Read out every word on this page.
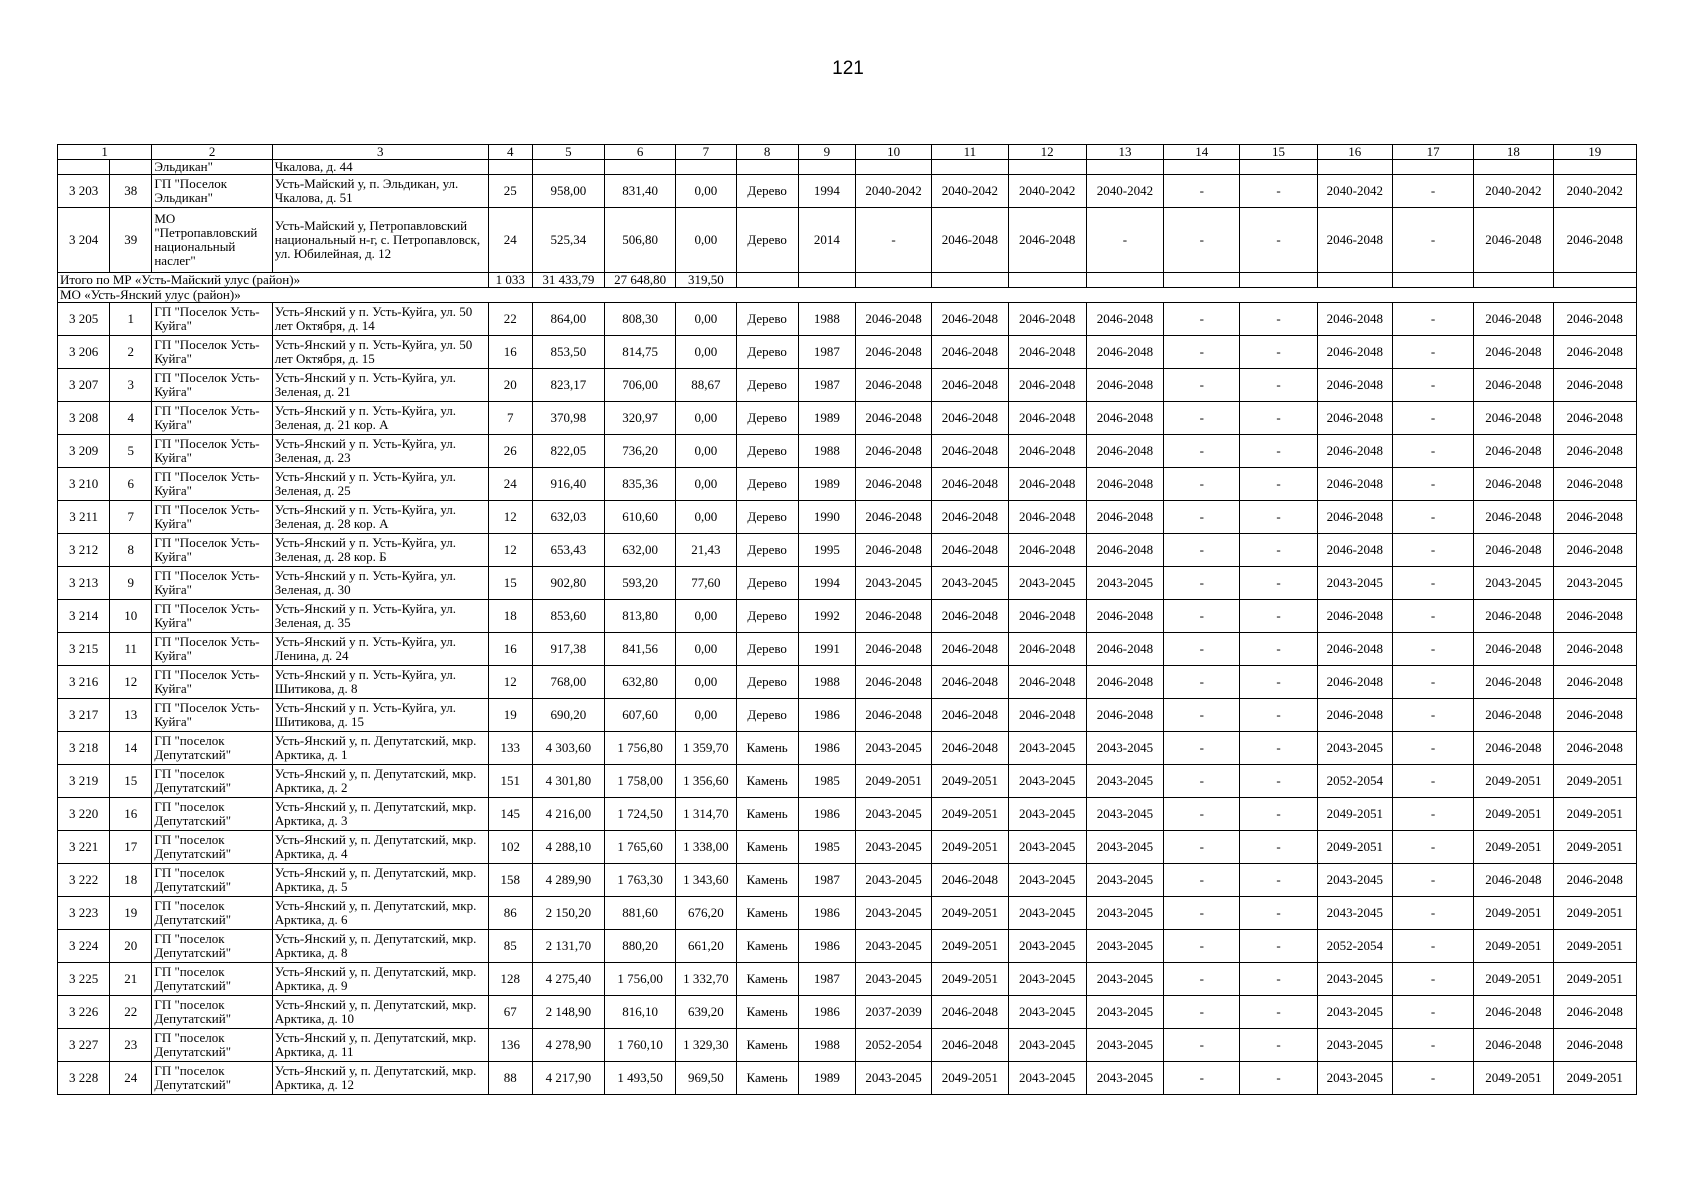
121
1		2	3	4	5	6	7	8	9	10	11	12	13	14	15	16	17	18	19
		Эльдикан"	Чкалова, д. 44																
3 203	38	ГП "Поселок Эльдикан"	Усть-Майский у, п. Эльдикан, ул. Чкалова, д. 51	25	958,00	831,40	0,00	Дерево	1994	2040-2042	2040-2042	2040-2042	2040-2042	-	-	2040-2042	-	2040-2042	2040-2042
3 204	39	МО "Петропавловский национальный наслег"	Усть-Майский у, Петропавловский национальный н-г, с. Петропавловск, ул. Юбилейная, д. 12	24	525,34	506,80	0,00	Дерево	2014	-	2046-2048	2046-2048	-	-	-	2046-2048	-	2046-2048	2046-2048
Итого по МР «Усть-Майский улус (район)»				1 033	31 433,79	27 648,80	319,50												
МО «Усть-Янский улус (район)»																			
3 205	1	ГП "Поселок Усть-Куйга"	Усть-Янский у п. Усть-Куйга, ул. 50 лет Октября, д. 14	22	864,00	808,30	0,00	Дерево	1988	2046-2048	2046-2048	2046-2048	2046-2048	-	-	2046-2048	-	2046-2048	2046-2048
3 206	2	ГП "Поселок Усть-Куйга"	Усть-Янский у п. Усть-Куйга, ул. 50 лет Октября, д. 15	16	853,50	814,75	0,00	Дерево	1987	2046-2048	2046-2048	2046-2048	2046-2048	-	-	2046-2048	-	2046-2048	2046-2048
3 207	3	ГП "Поселок Усть-Куйга"	Усть-Янский у п. Усть-Куйга, ул. Зеленая, д. 21	20	823,17	706,00	88,67	Дерево	1987	2046-2048	2046-2048	2046-2048	2046-2048	-	-	2046-2048	-	2046-2048	2046-2048
3 208	4	ГП "Поселок Усть-Куйга"	Усть-Янский у п. Усть-Куйга, ул. Зеленая, д. 21 кор. А	7	370,98	320,97	0,00	Дерево	1989	2046-2048	2046-2048	2046-2048	2046-2048	-	-	2046-2048	-	2046-2048	2046-2048
3 209	5	ГП "Поселок Усть-Куйга"	Усть-Янский у п. Усть-Куйга, ул. Зеленая, д. 23	26	822,05	736,20	0,00	Дерево	1988	2046-2048	2046-2048	2046-2048	2046-2048	-	-	2046-2048	-	2046-2048	2046-2048
3 210	6	ГП "Поселок Усть-Куйга"	Усть-Янский у п. Усть-Куйга, ул. Зеленая, д. 25	24	916,40	835,36	0,00	Дерево	1989	2046-2048	2046-2048	2046-2048	2046-2048	-	-	2046-2048	-	2046-2048	2046-2048
3 211	7	ГП "Поселок Усть-Куйга"	Усть-Янский у п. Усть-Куйга, ул. Зеленая, д. 28 кор. А	12	632,03	610,60	0,00	Дерево	1990	2046-2048	2046-2048	2046-2048	2046-2048	-	-	2046-2048	-	2046-2048	2046-2048
3 212	8	ГП "Поселок Усть-Куйга"	Усть-Янский у п. Усть-Куйга, ул. Зеленая, д. 28 кор. Б	12	653,43	632,00	21,43	Дерево	1995	2046-2048	2046-2048	2046-2048	2046-2048	-	-	2046-2048	-	2046-2048	2046-2048
3 213	9	ГП "Поселок Усть-Куйга"	Усть-Янский у п. Усть-Куйга, ул. Зеленая, д. 30	15	902,80	593,20	77,60	Дерево	1994	2043-2045	2043-2045	2043-2045	2043-2045	-	-	2043-2045	-	2043-2045	2043-2045
3 214	10	ГП "Поселок Усть-Куйга"	Усть-Янский у п. Усть-Куйга, ул. Зеленая, д. 35	18	853,60	813,80	0,00	Дерево	1992	2046-2048	2046-2048	2046-2048	2046-2048	-	-	2046-2048	-	2046-2048	2046-2048
3 215	11	ГП "Поселок Усть-Куйга"	Усть-Янский у п. Усть-Куйга, ул. Ленина, д. 24	16	917,38	841,56	0,00	Дерево	1991	2046-2048	2046-2048	2046-2048	2046-2048	-	-	2046-2048	-	2046-2048	2046-2048
3 216	12	ГП "Поселок Усть-Куйга"	Усть-Янский у п. Усть-Куйга, ул. Шитикова, д. 8	12	768,00	632,80	0,00	Дерево	1988	2046-2048	2046-2048	2046-2048	2046-2048	-	-	2046-2048	-	2046-2048	2046-2048
3 217	13	ГП "Поселок Усть-Куйга"	Усть-Янский у п. Усть-Куйга, ул. Шитикова, д. 15	19	690,20	607,60	0,00	Дерево	1986	2046-2048	2046-2048	2046-2048	2046-2048	-	-	2046-2048	-	2046-2048	2046-2048
3 218	14	ГП "поселок Депутатский"	Усть-Янский у, п. Депутатский, мкр. Арктика, д. 1	133	4 303,60	1 756,80	1 359,70	Камень	1986	2043-2045	2046-2048	2043-2045	2043-2045	-	-	2043-2045	-	2046-2048	2046-2048
3 219	15	ГП "поселок Депутатский"	Усть-Янский у, п. Депутатский, мкр. Арктика, д. 2	151	4 301,80	1 758,00	1 356,60	Камень	1985	2049-2051	2049-2051	2043-2045	2043-2045	-	-	2052-2054	-	2049-2051	2049-2051
3 220	16	ГП "поселок Депутатский"	Усть-Янский у, п. Депутатский, мкр. Арктика, д. 3	145	4 216,00	1 724,50	1 314,70	Камень	1986	2043-2045	2049-2051	2043-2045	2043-2045	-	-	2049-2051	-	2049-2051	2049-2051
3 221	17	ГП "поселок Депутатский"	Усть-Янский у, п. Депутатский, мкр. Арктика, д. 4	102	4 288,10	1 765,60	1 338,00	Камень	1985	2043-2045	2049-2051	2043-2045	2043-2045	-	-	2049-2051	-	2049-2051	2049-2051
3 222	18	ГП "поселок Депутатский"	Усть-Янский у, п. Депутатский, мкр. Арктика, д. 5	158	4 289,90	1 763,30	1 343,60	Камень	1987	2043-2045	2046-2048	2043-2045	2043-2045	-	-	2043-2045	-	2046-2048	2046-2048
3 223	19	ГП "поселок Депутатский"	Усть-Янский у, п. Депутатский, мкр. Арктика, д. 6	86	2 150,20	881,60	676,20	Камень	1986	2043-2045	2049-2051	2043-2045	2043-2045	-	-	2043-2045	-	2049-2051	2049-2051
3 224	20	ГП "поселок Депутатский"	Усть-Янский у, п. Депутатский, мкр. Арктика, д. 8	85	2 131,70	880,20	661,20	Камень	1986	2043-2045	2049-2051	2043-2045	2043-2045	-	-	2052-2054	-	2049-2051	2049-2051
3 225	21	ГП "поселок Депутатский"	Усть-Янский у, п. Депутатский, мкр. Арктика, д. 9	128	4 275,40	1 756,00	1 332,70	Камень	1987	2043-2045	2049-2051	2043-2045	2043-2045	-	-	2043-2045	-	2049-2051	2049-2051
3 226	22	ГП "поселок Депутатский"	Усть-Янский у, п. Депутатский, мкр. Арктика, д. 10	67	2 148,90	816,10	639,20	Камень	1986	2037-2039	2046-2048	2043-2045	2043-2045	-	-	2043-2045	-	2046-2048	2046-2048
3 227	23	ГП "поселок Депутатский"	Усть-Янский у, п. Депутатский, мкр. Арктика, д. 11	136	4 278,90	1 760,10	1 329,30	Камень	1988	2052-2054	2046-2048	2043-2045	2043-2045	-	-	2043-2045	-	2046-2048	2046-2048
3 228	24	ГП "поселок Депутатский"	Усть-Янский у, п. Депутатский, мкр. Арктика, д. 12	88	4 217,90	1 493,50	969,50	Камень	1989	2043-2045	2049-2051	2043-2045	2043-2045	-	-	2043-2045	-	2049-2051	2049-2051
